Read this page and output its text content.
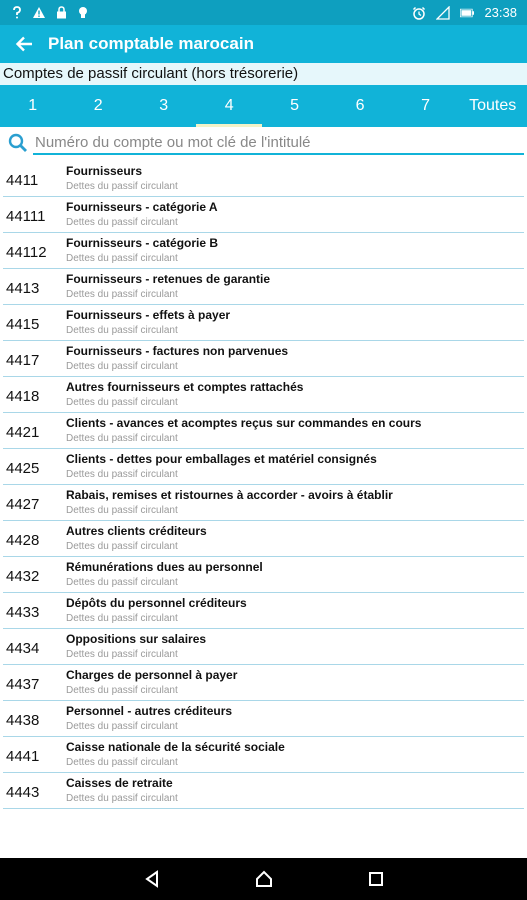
23:38
Plan comptable marocain
Comptes de passif circulant (hors trésorerie)
1	2	3	4	5	6	7 Toutes
Numéro du compte ou mot clé de l'intitulé
4411
Fournisseurs
Dettes du passif circulant
44111
Fournisseurs - catégorie A
Dettes du passif circulant
44112
Fournisseurs - catégorie B
Dettes du passif circulant
4413
Fournisseurs - retenues de garantie
Dettes du passif circulant
4415
Fournisseurs - effets à payer
Dettes du passif circulant
4417
Fournisseurs - factures non parvenues
Dettes du passif circulant
4418
Autres fournisseurs et comptes rattachés
Dettes du passif circulant
4421
Clients - avances et acomptes reçus sur commandes en cours
Dettes du passif circulant
4425
Clients - dettes pour emballages et matériel consignés
Dettes du passif circulant
4427
Rabais, remises et ristournes à accorder - avoirs à établir
Dettes du passif circulant
4428
Autres clients créditeurs
Dettes du passif circulant
4432
Rémunérations dues au personnel
Dettes du passif circulant
4433
Dépôts du personnel créditeurs
Dettes du passif circulant
4434
Oppositions sur salaires
Dettes du passif circulant
4437
Charges de personnel à payer
Dettes du passif circulant
4438
Personnel - autres créditeurs
Dettes du passif circulant
4441
Caisse nationale de la sécurité sociale
Dettes du passif circulant
4443
Caisses de retraite
Dettes du passif circulant
